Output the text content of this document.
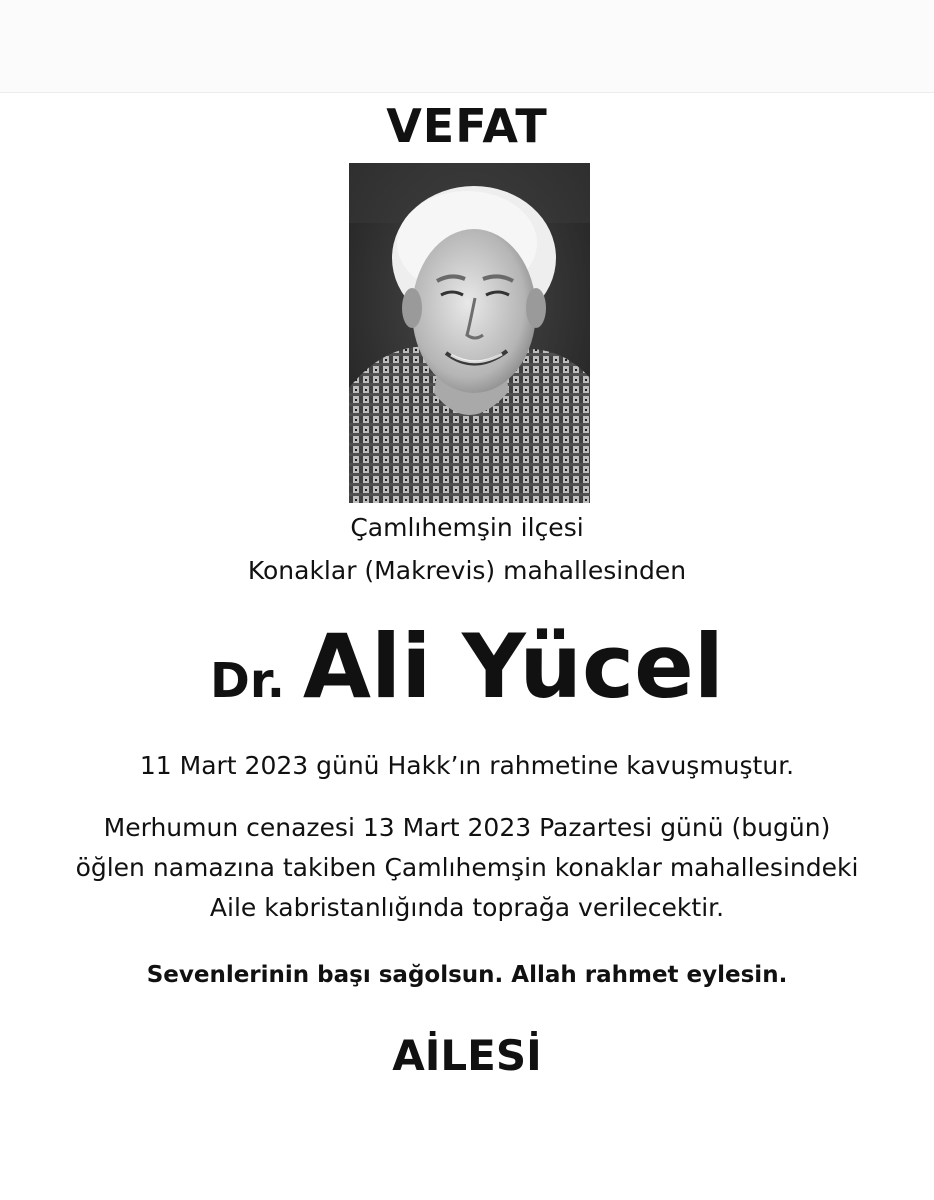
VEFAT
Çamlıhemşin ilçesi
Konaklar (Makrevis) mahallesinden
Dr. Ali Yücel
11 Mart 2023 günü Hakk’ın rahmetine kavuşmuştur.
Merhumun cenazesi 13 Mart 2023 Pazartesi günü (bugün)
öğlen namazına takiben Çamlıhemşin konaklar mahallesindeki
Aile kabristanlığında toprağa verilecektir.
Sevenlerinin başı sağolsun. Allah rahmet eylesin.
AİLESİ
